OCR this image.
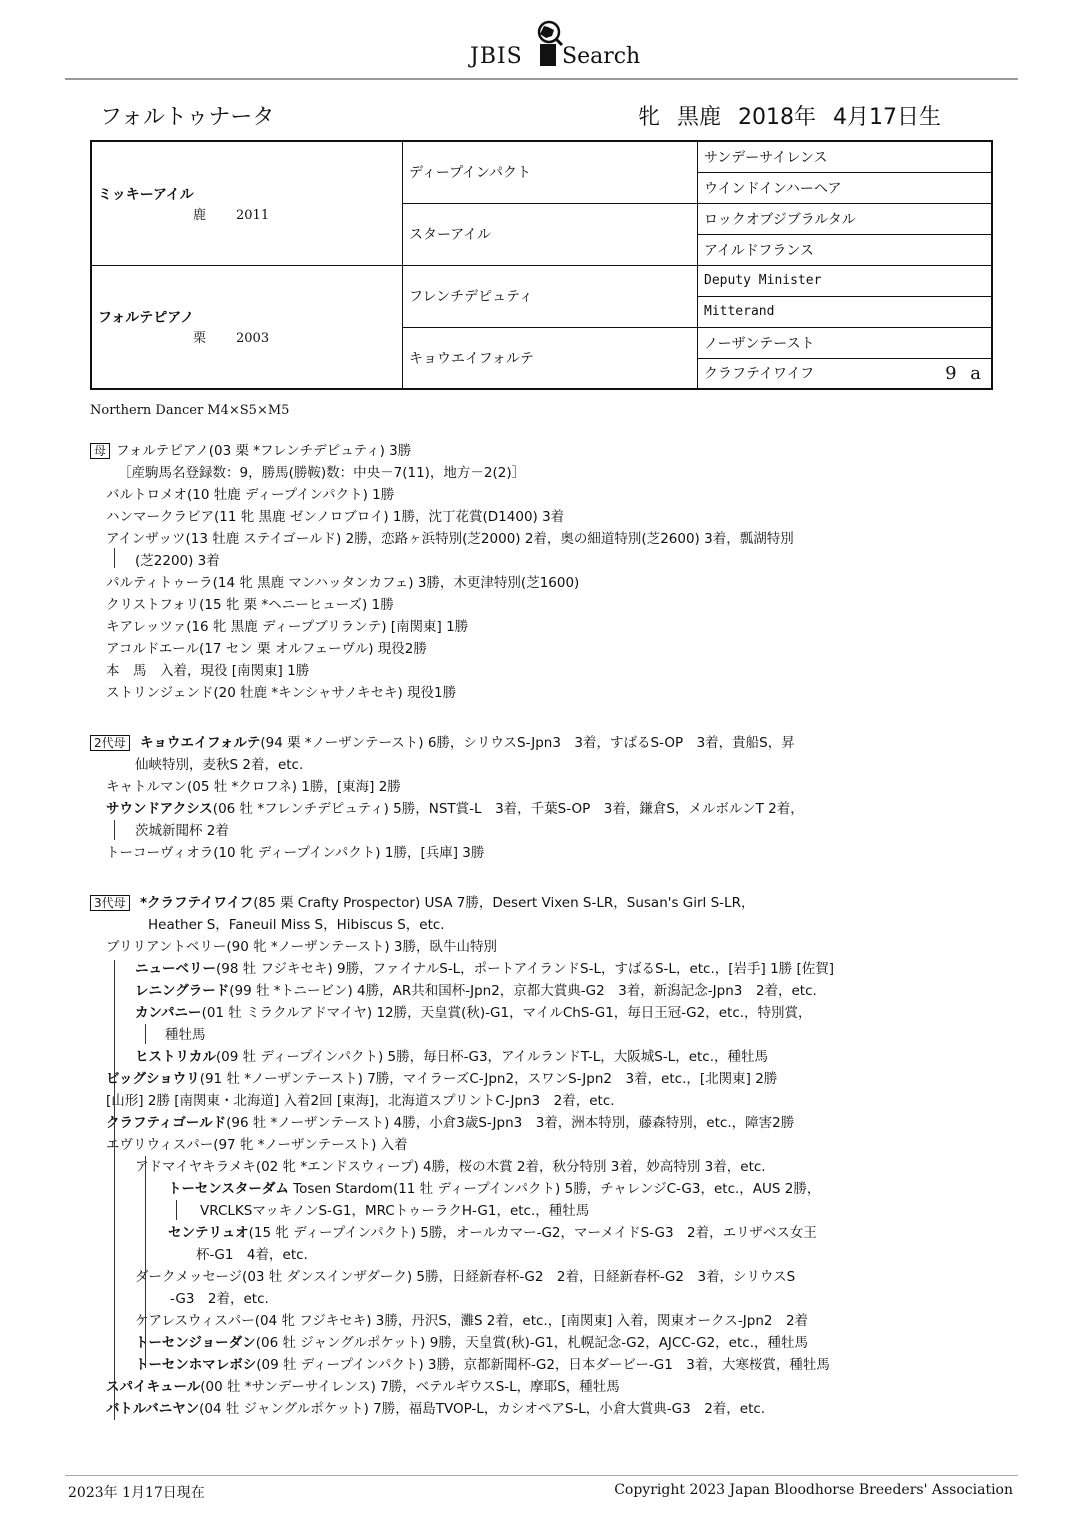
JBIS Search
フォルトゥナータ	牝 黒鹿 2018年 4月17日生
ミッキーアイル
鹿 2011	ディープインパクト	サンデーサイレンス
		ウインドインハーヘア
	スターアイル	ロックオブジブラルタル
		アイルドフランス

フォルテピアノ
栗 2003	フレンチデピュティ	Deputy Minister
		Mitterand
	キョウエイフォルテ	ノーザンテースト
		クラフテイワイフ 9 a
Northern Dancer M4×S5×M5
母 フォルテピアノ(03 栗 *フレンチデピュティ) 3勝
［産駒馬名登録数：9，勝馬(勝鞍)数：中央－7(11)，地方－2(2)］
バルトロメオ(10 牡鹿 ディープインパクト) 1勝
ハンマークラビア(11 牝 黒鹿 ゼンノロブロイ) 1勝，沈丁花賞(D1400) 3着
アインザッツ(13 牡鹿 ステイゴールド) 2勝，恋路ヶ浜特別(芝2000) 2着，奥の細道特別(芝2600) 3着，瓢湖特別
(芝2200) 3着
パルティトゥーラ(14 牝 黒鹿 マンハッタンカフェ) 3勝，木更津特別(芝1600)
クリストフォリ(15 牝 栗 *ヘニーヒューズ) 1勝
キアレッツァ(16 牝 黒鹿 ディープブリランテ) [南関東] 1勝
アコルドエール(17 セン 栗 オルフェーヴル) 現役2勝
本　馬　入着，現役 [南関東] 1勝
ストリンジェンド(20 牡鹿 *キンシャサノキセキ) 現役1勝
2代母 キョウエイフォルテ(94 栗 *ノーザンテースト) 6勝，シリウスS-Jpn3　3着，すばるS-OP　3着，貴船S，昇
仙峡特別，麦秋S 2着，etc.
キャトルマン(05 牡 *クロフネ) 1勝，[東海] 2勝
サウンドアクシス(06 牡 *フレンチデピュティ) 5勝，NST賞-L　3着，千葉S-OP　3着，鎌倉S，メルボルンT 2着，
茨城新聞杯 2着
トーコーヴィオラ(10 牝 ディープインパクト) 1勝，[兵庫] 3勝
3代母 *クラフテイワイフ(85 栗 Crafty Prospector) USA 7勝，Desert Vixen S-LR，Susan's Girl S-LR，
Heather S，Faneuil Miss S，Hibiscus S，etc.
ブリリアントベリー(90 牝 *ノーザンテースト) 3勝，臥牛山特別
ニューベリー(98 牡 フジキセキ) 9勝，ファイナルS-L，ポートアイランドS-L，すばるS-L，etc.，[岩手] 1勝 [佐賀]
レニングラード(99 牡 *トニービン) 4勝，AR共和国杯-Jpn2，京都大賞典-G2　3着，新潟記念-Jpn3　2着，etc.
カンパニー(01 牡 ミラクルアドマイヤ) 12勝，天皇賞(秋)-G1，マイルChS-G1，毎日王冠-G2，etc.，特別賞，
種牡馬
ヒストリカル(09 牡 ディープインパクト) 5勝，毎日杯-G3，アイルランドT-L，大阪城S-L，etc.，種牡馬
ビッグショウリ(91 牡 *ノーザンテースト) 7勝，マイラーズC-Jpn2，スワンS-Jpn2　3着，etc.，[北関東] 2勝
[山形] 2勝 [南関東・北海道] 入着2回 [東海]，北海道スプリントC-Jpn3　2着，etc.
クラフティゴールド(96 牡 *ノーザンテースト) 4勝，小倉3歳S-Jpn3　3着，洲本特別，藤森特別，etc.，障害2勝
エヴリウィスパー(97 牝 *ノーザンテースト) 入着
アドマイヤキラメキ(02 牝 *エンドスウィープ) 4勝，桜の木賞 2着，秋分特別 3着，妙高特別 3着，etc.
トーセンスターダム Tosen Stardom(11 牡 ディープインパクト) 5勝，チャレンジC-G3，etc.，AUS 2勝，
VRCLKSマッキノンS-G1，MRCトゥーラクH-G1，etc.，種牡馬
センテリュオ(15 牝 ディープインパクト) 5勝，オールカマー-G2，マーメイドS-G3　2着，エリザベス女王
杯-G1　4着，etc.
ダークメッセージ(03 牡 ダンスインザダーク) 5勝，日経新春杯-G2　2着，日経新春杯-G2　3着，シリウスS
-G3　2着，etc.
ケアレスウィスパー(04 牝 フジキセキ) 3勝，丹沢S，灘S 2着，etc.，[南関東] 入着，関東オークス-Jpn2　2着
トーセンジョーダン(06 牡 ジャングルポケット) 9勝，天皇賞(秋)-G1，札幌記念-G2，AJCC-G2，etc.，種牡馬
トーセンホマレボシ(09 牡 ディープインパクト) 3勝，京都新聞杯-G2，日本ダービー-G1　3着，大寒桜賞，種牡馬
スパイキュール(00 牡 *サンデーサイレンス) 7勝，ベテルギウスS-L，摩耶S，種牡馬
バトルバニヤン(04 牡 ジャングルポケット) 7勝，福島TVOP-L，カシオペアS-L，小倉大賞典-G3　2着，etc.
2023年 1月17日現在	Copyright 2023 Japan Bloodhorse Breeders' Association
